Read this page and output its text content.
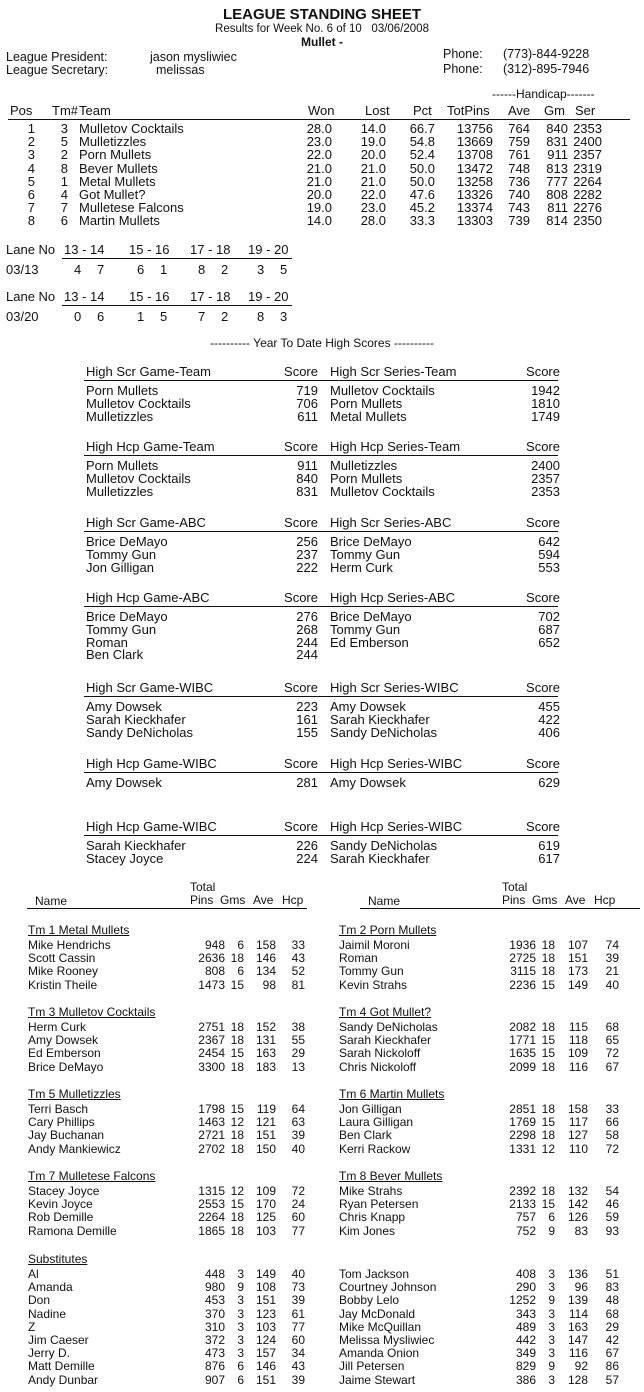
LEAGUE STANDING SHEET
Results for Week No. 6 of 10 03/06/2008
Mullet -
League President:	jason mysliwiec
League Secretary:	melissas
Phone: (773)-844-9228
Phone: (312)-895-7946
------Handicap-------
Pos Tm# Team	Won Lost Pct TotPins Ave Gm Ser
1	3 Mulletov Cocktails	28.0	14.0	66.7	13756	764	840 2353
2	5 Mulletizzles	23.0	19.0	54.8	13669	759	831 2400
3	2 Porn Mullets	22.0	20.0	52.4	13708	761	911 2357
4	8 Bever Mullets	21.0	21.0	50.0	13472	748	813 2319
5	1 Metal Mullets	21.0	21.0	50.0	13258	736	777 2264
6	4 Got Mullet?	20.0	22.0	47.6	13326	740	808 2282
7	7 Mulletese Falcons	19.0	23.0	45.2	13374	743	811 2276
8	6 Martin Mullets	14.0	28.0	33.3	13303	739	814 2350
Lane No 13 - 14 15 - 16 17 - 18 19 - 20
03/13	4 7	6 1 8 2 3 5
Lane No 13 - 14 15 - 16 17 - 18 19 - 20
03/20	0 6	1 5 7 2 8 3
---------- Year To Date High Scores ----------
High Scr Game-Team	Score
Porn Mullets	719
Mulletov Cocktails	706
Mulletizzles	611
High Scr Series-Team	Score
Mulletov Cocktails	1942
Porn Mullets	1810
Metal Mullets	1749
High Hcp Game-Team	Score
Porn Mullets	911
Mulletov Cocktails	840
Mulletizzles	831
High Hcp Series-Team	Score
Mulletizzles	2400
Porn Mullets	2357
Mulletov Cocktails	2353
High Scr Game-ABC	Score
Brice DeMayo	256
Tommy Gun	237
Jon Gilligan	222
High Scr Series-ABC	Score
Brice DeMayo	642
Tommy Gun	594
Herm Curk	553
High Hcp Game-ABC	Score
Brice DeMayo	276
Tommy Gun	268
Roman	244
Ben Clark	244
High Hcp Series-ABC	Score
Brice DeMayo	702
Tommy Gun	687
Ed Emberson	652
High Scr Game-WIBC	Score
Amy Dowsek	223
Sarah Kieckhafer	161
Sandy DeNicholas	155
High Scr Series-WIBC	Score
Amy Dowsek	455
Sarah Kieckhafer	422
Sandy DeNicholas	406
High Hcp Game-WIBC	Score
Amy Dowsek	281
High Hcp Series-WIBC	Score
Amy Dowsek	629
High Hcp Game-WIBC	Score
Sarah Kieckhafer	226
Stacey Joyce	224
High Hcp Series-WIBC	Score
Sandy DeNicholas	619
Sarah Kieckhafer	617
Total
Name	Pins Gms Ave Hcp
Total
Name	Pins Gms Ave Hcp
Tm 1 Metal Mullets
Mike Hendrichs	948	6 158	33
Scott Cassin	2636 18 146	43
Mike Rooney	808	6 134	52
Kristin Theile	1473 15	98	81
Tm 2 Porn Mullets
Jaimil Moroni	1936 18	107	74
Roman	2725 18	151	39
Tommy Gun	3115 18	173	21
Kevin Strahs	2236 15	149	40
Tm 3 Mulletov Cocktails
Herm Curk	2751 18 152	38
Amy Dowsek	2367 18 131	55
Ed Emberson	2454 15 163	29
Brice DeMayo	3300 18 183	13
Tm 4 Got Mullet?
Sandy DeNicholas	2082 18	115	68
Sarah Kieckhafer	1771 15	118	65
Sarah Nickoloff	1635 15	109	72
Chris Nickoloff	2099 18	116	67
Tm 5 Mulletizzles
Terri Basch	1798 15	119	64
Cary Phillips	1463 12 121	63
Jay Buchanan	2721 18 151	39
Andy Mankiewicz	2702 18 150	40
Tm 6 Martin Mullets
Jon Gilligan	2851 18	158	33
Laura Gilligan	1769 15	117	66
Ben Clark	2298 18	127	58
Kerri Rackow	1331 12	110	72
Tm 7 Mulletese Falcons
Stacey Joyce	1315 12 109	72
Kevin Joyce	2553 15 170	24
Rob Demille	2264 18 125	60
Ramona Demille	1865 18 103	77
Tm 8 Bever Mullets
Mike Strahs	2392 18	132	54
Ryan Petersen	2133 15	142	46
Chris Knapp	757	6	126	59
Kim Jones	752	9	83	93
Substitutes
Al	448	3 149	40
Amanda	980	9 108	73
Don	453	3 151	39
Nadine	370	3 123	61
Z	310	3 103	77
Jim Caeser	372	3 124	60
Jerry D.	473	3 157	34
Matt Demille	876	6 146	43
Andy Dunbar	907	6 151	39
Tom Jackson	408	3	136	51
Courtney Johnson	290	3	96	83
Bobby Lelo	1252	9	139	48
Jay McDonald	343	3	114	68
Mike McQuillan	489	3	163	29
Melissa Mysliwiec	442	3	147	42
Amanda Onion	349	3	116	67
Jill Petersen	829	9	92	86
Jaime Stewart	386	3	128	57
